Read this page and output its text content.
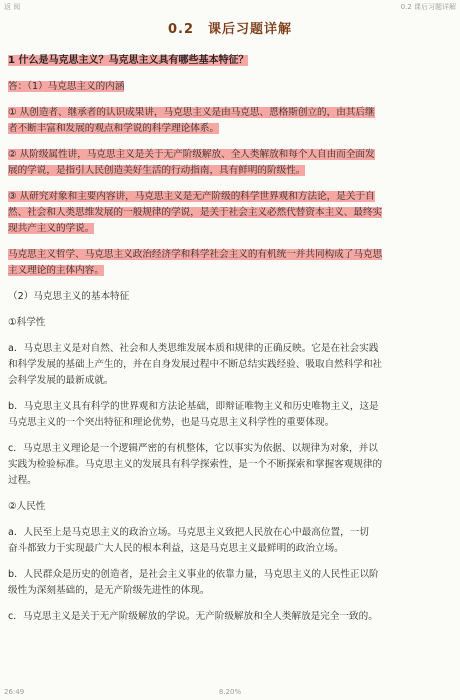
返 阅	0.2 课后习题详解
0.2　课后习题详解
1 什么是马克思主义？马克思主义具有哪些基本特征？
答：（1）马克思主义的内涵
① 从创造者、继承者的认识成果讲，马克思主义是由马克思、恩格斯创立的，由其后继
者不断丰富和发展的观点和学说的科学理论体系。
② 从阶级属性讲，马克思主义是关于无产阶级解放、全人类解放和每个人自由而全面发
展的学说，是指引人民创造美好生活的行动指南，具有鲜明的阶级性。
③ 从研究对象和主要内容讲，马克思主义是无产阶级的科学世界观和方法论，是关于自
然、社会和人类思维发展的一般规律的学说，是关于社会主义必然代替资本主义、最终实
现共产主义的学说。
马克思主义哲学、马克思主义政治经济学和科学社会主义的有机统一并共同构成了马克思
主义理论的主体内容。
（2）马克思主义的基本特征
①科学性
a．马克思主义是对自然、社会和人类思维发展本质和规律的正确反映。它是在社会实践
和科学发展的基础上产生的，并在自身发展过程中不断总结实践经验、吸取自然科学和社
会科学发展的最新成就。
b．马克思主义具有科学的世界观和方法论基础，即辩证唯物主义和历史唯物主义，这是
马克思主义的一个突出特征和理论优势，也是马克思主义科学性的重要体现。
c．马克思主义理论是一个逻辑严密的有机整体，它以事实为依据、以规律为对象，并以
实践为检验标准。马克思主义的发展具有科学探索性，是一个不断探索和掌握客观规律的
过程。
②人民性
a．人民至上是马克思主义的政治立场。马克思主义致把人民放在心中最高位置，一切
奋斗都致力于实现最广大人民的根本利益，这是马克思主义最鲜明的政治立场。
b．人民群众是历史的创造者，是社会主义事业的依靠力量，马克思主义的人民性正以阶
级性为深刻基础的，是无产阶级先进性的体现。
c．马克思主义是关于无产阶级解放的学说。无产阶级解放和全人类解放是完全一致的。
26:49	8.20%
